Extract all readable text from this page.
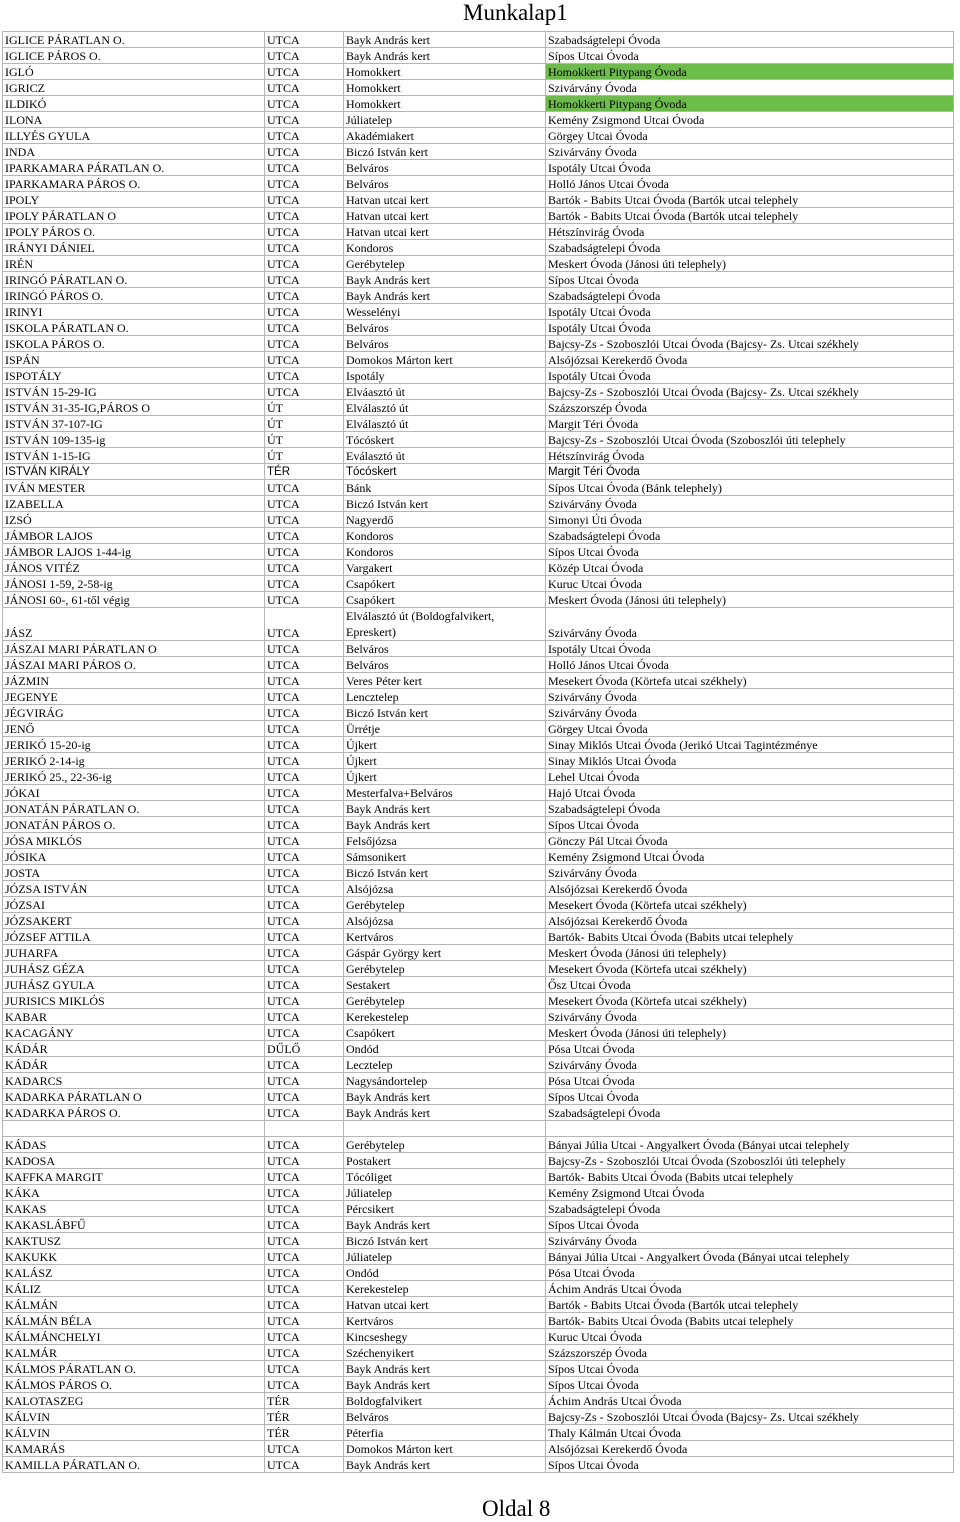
Munkalap1
IGLICE PÁRATLAN O.	UTCA	Bayk András kert	Szabadságtelepi Óvoda
IGLICE PÁROS O.	UTCA	Bayk András kert	Sípos Utcai Óvoda
IGLÓ	UTCA	Homokkert	Homokkerti Pitypang Óvoda
IGRICZ	UTCA	Homokkert	Szivárvány Óvoda
ILDIKÓ	UTCA	Homokkert	Homokkerti Pitypang Óvoda
ILONA	UTCA	Júliatelep	Kemény Zsigmond Utcai Óvoda
ILLYÉS GYULA	UTCA	Akadémiakert	Görgey Utcai Óvoda
INDA	UTCA	Biczó István kert	Szivárvány Óvoda
IPARKAMARA PÁRATLAN O.	UTCA	Belváros	Ispotály Utcai Óvoda
IPARKAMARA PÁROS O.	UTCA	Belváros	Holló János Utcai Óvoda
IPOLY	UTCA	Hatvan utcai kert	Bartók - Babits Utcai Óvoda (Bartók utcai telephely
IPOLY PÁRATLAN O	UTCA	Hatvan utcai kert	Bartók - Babits Utcai Óvoda (Bartók utcai telephely
IPOLY PÁROS O.	UTCA	Hatvan utcai kert	Hétszínvirág Óvoda
IRÁNYI DÁNIEL	UTCA	Kondoros	Szabadságtelepi Óvoda
IRÉN	UTCA	Gerébytelep	Meskert Óvoda (Jánosi úti telephely)
IRINGÓ PÁRATLAN O.	UTCA	Bayk András kert	Sípos Utcai Óvoda
IRINGÓ PÁROS O.	UTCA	Bayk András kert	Szabadságtelepi Óvoda
IRINYI	UTCA	Wesselényi	Ispotály Utcai Óvoda
ISKOLA PÁRATLAN O.	UTCA	Belváros	Ispotály Utcai Óvoda
ISKOLA PÁROS O.	UTCA	Belváros	Bajcsy-Zs - Szoboszlói Utcai Óvoda (Bajcsy- Zs. Utcai székhely
ISPÁN	UTCA	Domokos Márton kert	Alsójózsai Kerekerdő Óvoda
ISPOTÁLY	UTCA	Ispotály	Ispotály Utcai Óvoda
ISTVÁN 15-29-IG	UTCA	Elváasztó út	Bajcsy-Zs - Szoboszlói Utcai Óvoda (Bajcsy- Zs. Utcai székhely
ISTVÁN 31-35-IG,PÁROS O	ÚT	Elválasztó út	Százszorszép Óvoda
ISTVÁN 37-107-IG	ÚT	Elválasztó út	Margit Téri Óvoda
ISTVÁN 109-135-ig	ÚT	Tócóskert	Bajcsy-Zs - Szoboszlói Utcai Óvoda (Szoboszlói úti telephely
ISTVÁN 1-15-IG	ÚT	Eválasztó út	Hétszínvirág Óvoda
ISTVÁN KIRÁLY	TÉR	Tócóskert	Margit Téri Óvoda
IVÁN MESTER	UTCA	Bánk	Sípos Utcai Óvoda (Bánk telephely)
IZABELLA	UTCA	Biczó István kert	Szivárvány Óvoda
IZSÓ	UTCA	Nagyerdő	Simonyi Úti Óvoda
JÁMBOR LAJOS	UTCA	Kondoros	Szabadságtelepi Óvoda
JÁMBOR LAJOS 1-44-ig	UTCA	Kondoros	Sípos Utcai Óvoda
JÁNOS VITÉZ	UTCA	Vargakert	Közép Utcai Óvoda
JÁNOSI 1-59, 2-58-ig	UTCA	Csapókert	Kuruc Utcai Óvoda
JÁNOSI 60-, 61-től végig	UTCA	Csapókert	Meskert Óvoda (Jánosi úti telephely)
JÁSZ	UTCA	Elválasztó út (Boldogfalvikert, Epreskert)	Szivárvány Óvoda
JÁSZAI MARI PÁRATLAN O	UTCA	Belváros	Ispotály Utcai Óvoda
JÁSZAI MARI PÁROS O.	UTCA	Belváros	Holló János Utcai Óvoda
JÁZMIN	UTCA	Veres Péter kert	Mesekert Óvoda (Körtefa utcai székhely)
JEGENYE	UTCA	Lencztelep	Szivárvány Óvoda
JÉGVIRÁG	UTCA	Biczó István kert	Szivárvány Óvoda
JENŐ	UTCA	Ürrétje	Görgey Utcai Óvoda
JERIKÓ 15-20-ig	UTCA	Újkert	Sinay Miklós Utcai Óvoda (Jerikó Utcai Tagintézménye
JERIKÓ 2-14-ig	UTCA	Újkert	Sinay Miklós Utcai Óvoda
JERIKÓ 25., 22-36-ig	UTCA	Újkert	Lehel Utcai Óvoda
JÓKAI	UTCA	Mesterfalva+Belváros	Hajó Utcai Óvoda
JONATÁN PÁRATLAN O.	UTCA	Bayk András kert	Szabadságtelepi Óvoda
JONATÁN PÁROS O.	UTCA	Bayk András kert	Sípos Utcai Óvoda
JÓSA MIKLÓS	UTCA	Felsőjózsa	Gönczy Pál Utcai Óvoda
JÓSIKA	UTCA	Sámsonikert	Kemény Zsigmond Utcai Óvoda
JOSTA	UTCA	Biczó István kert	Szivárvány Óvoda
JÓZSA ISTVÁN	UTCA	Alsójózsa	Alsójózsai Kerekerdő Óvoda
JÓZSAI	UTCA	Gerébytelep	Mesekert Óvoda (Körtefa utcai székhely)
JÓZSAKERT	UTCA	Alsójózsa	Alsójózsai Kerekerdő Óvoda
JÓZSEF ATTILA	UTCA	Kertváros	Bartók- Babits Utcai Óvoda (Babits utcai telephely
JUHARFA	UTCA	Gáspár György kert	Meskert Óvoda (Jánosi úti telephely)
JUHÁSZ GÉZA	UTCA	Gerébytelep	Mesekert Óvoda (Körtefa utcai székhely)
JUHÁSZ GYULA	UTCA	Sestakert	Ősz Utcai Óvoda
JURISICS MIKLÓS	UTCA	Gerébytelep	Mesekert Óvoda (Körtefa utcai székhely)
KABAR	UTCA	Kerekestelep	Szivárvány Óvoda
KACAGÁNY	UTCA	Csapókert	Meskert Óvoda (Jánosi úti telephely)
KÁDÁR	DŰLŐ	Ondód	Pósa Utcai Óvoda
KÁDÁR	UTCA	Lecztelep	Szivárvány Óvoda
KADARCS	UTCA	Nagysándortelep	Pósa Utcai Óvoda
KADARKA PÁRATLAN O	UTCA	Bayk András kert	Sípos Utcai Óvoda
KADARKA PÁROS O.	UTCA	Bayk András kert	Szabadságtelepi Óvoda

KÁDAS	UTCA	Gerébytelep	Bányai Júlia Utcai - Angyalkert Óvoda (Bányai utcai telephely
KADOSA	UTCA	Postakert	Bajcsy-Zs - Szoboszlói Utcai Óvoda (Szoboszlói úti telephely
KAFFKA MARGIT	UTCA	Tócóliget	Bartók- Babits Utcai Óvoda (Babits utcai telephely
KÁKA	UTCA	Júliatelep	Kemény Zsigmond Utcai Óvoda
KAKAS	UTCA	Pércsikert	Szabadságtelepi Óvoda
KAKASLÁBFŰ	UTCA	Bayk András kert	Sípos Utcai Óvoda
KAKTUSZ	UTCA	Biczó István kert	Szivárvány Óvoda
KAKUKK	UTCA	Júliatelep	Bányai Júlia Utcai - Angyalkert Óvoda (Bányai utcai telephely
KALÁSZ	UTCA	Ondód	Pósa Utcai Óvoda
KÁLIZ	UTCA	Kerekestelep	Áchim András Utcai Óvoda
KÁLMÁN	UTCA	Hatvan utcai kert	Bartók - Babits Utcai Óvoda (Bartók utcai telephely
KÁLMÁN BÉLA	UTCA	Kertváros	Bartók- Babits Utcai Óvoda (Babits utcai telephely
KÁLMÁNCHELYI	UTCA	Kincseshegy	Kuruc Utcai Óvoda
KALMÁR	UTCA	Széchenyikert	Százszorszép Óvoda
KÁLMOS PÁRATLAN O.	UTCA	Bayk András kert	Sípos Utcai Óvoda
KÁLMOS PÁROS O.	UTCA	Bayk András kert	Sípos Utcai Óvoda
KALOTASZEG	TÉR	Boldogfalvikert	Áchim András Utcai Óvoda
KÁLVIN	TÉR	Belváros	Bajcsy-Zs - Szoboszlói Utcai Óvoda (Bajcsy- Zs. Utcai székhely
KÁLVIN	TÉR	Péterfia	Thaly Kálmán Utcai Óvoda
KAMARÁS	UTCA	Domokos Márton kert	Alsójózsai Kerekerdő Óvoda
KAMILLA PÁRATLAN O.	UTCA	Bayk András kert	Sípos Utcai Óvoda
Oldal 8
